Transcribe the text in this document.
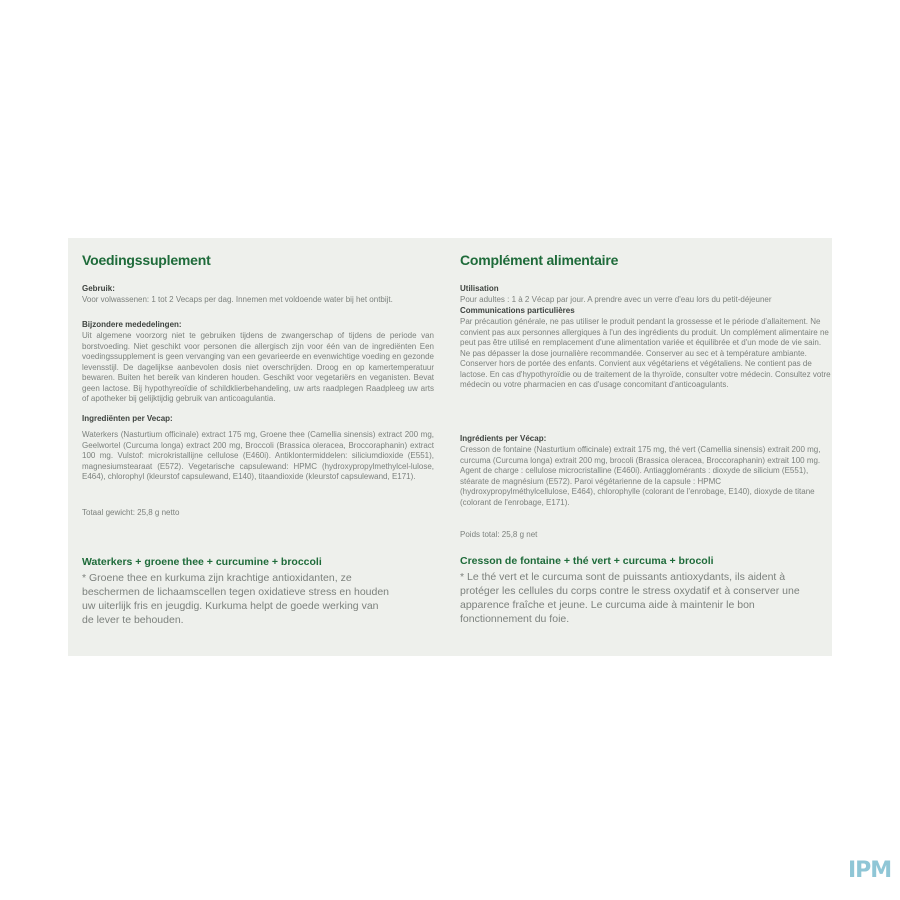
Voedingssuplement
Gebruik:
Voor volwassenen: 1 tot 2 Vecaps per dag. Innemen met voldoende water bij het ontbijt.
Bijzondere mededelingen:
Uit algemene voorzorg niet te gebruiken tijdens de zwangerschap of tijdens de periode van borstvoeding. Niet geschikt voor personen die allergisch zijn voor één van de ingrediënten Een voedingssupplement is geen vervanging van een gevarieerde en evenwichtige voeding en gezonde levensstijl. De dagelijkse aanbevolen dosis niet overschrijden. Droog en op kamertemperatuur bewaren. Buiten het bereik van kinderen houden. Geschikt voor vegetariërs en veganisten. Bevat geen lactose. Bij hypothyreoïdie of schildklierbehandeling, uw arts raadplegen Raadpleeg uw arts of apotheker bij gelijktijdig gebruik van anticoagulantia.
Ingrediënten per Vecap:
Waterkers (Nasturtium officinale) extract 175 mg, Groene thee (Camellia sinensis) extract 200 mg, Geelwortel (Curcuma longa) extract 200 mg, Broccoli (Brassica oleracea, Broccoraphanin) extract 100 mg. Vulstof: microkristallijne cellulose (E460i). Antiklontermiddelen: siliciumdioxide (E551), magnesiumstearaat (E572). Vegetarische capsulewand: HPMC (hydroxypropylmethylcel-lulose, E464), chlorophyl (kleurstof capsulewand, E140), titaandioxide (kleurstof capsulewand, E171).
Totaal gewicht: 25,8 g netto
Waterkers + groene thee + curcumine + broccoli
* Groene thee en kurkuma zijn krachtige antioxidanten, ze beschermen de lichaamscellen tegen oxidatieve stress en houden uw uiterlijk fris en jeugdig. Kurkuma helpt de goede werking van de lever te behouden.
Complément alimentaire
Utilisation
Pour adultes : 1 à 2 Vécap par jour. A prendre avec un verre d'eau lors du petit-déjeuner
Communications particulières
Par précaution générale, ne pas utiliser le produit pendant la grossesse et le période d'allaitement. Ne convient pas aux personnes allergiques à l'un des ingrédients du produit. Un complément alimentaire ne peut pas être utilisé en remplacement d'une alimentation variée et équilibrée et d'un mode de vie sain. Ne pas dépasser la dose journalière recommandée. Conserver au sec et à température ambiante. Conserver hors de portée des enfants. Convient aux végétariens et végétaliens. Ne contient pas de lactose. En cas d'hypothyroïdie ou de traitement de la thyroïde, consulter votre médecin. Consultez votre médecin ou votre pharmacien en cas d'usage concomitant d'anticoagulants.
Ingrédients per Vécap:
Cresson de fontaine (Nasturtium officinale) extrait 175 mg, thé vert (Camellia sinensis) extrait 200 mg, curcuma (Curcuma longa) extrait 200 mg, brocoli (Brassica oleracea, Broccoraphanin) extrait 100 mg. Agent de charge : cellulose microcristalline (E460i). Antiagglomérants : dioxyde de silicium (E551), stéarate de magnésium (E572). Paroi végétarienne de la capsule : HPMC (hydroxypropylméthylcellulose, E464), chlorophylle (colorant de l'enrobage, E140), dioxyde de titane (colorant de l'enrobage, E171).
Poids total: 25,8 g net
Cresson de fontaine + thé vert + curcuma + brocoli
* Le thé vert et le curcuma sont de puissants antioxydants, ils aident à protéger les cellules du corps contre le stress oxydatif et à conserver une apparence fraîche et jeune. Le curcuma aide à maintenir le bon fonctionnement du foie.
IPM
